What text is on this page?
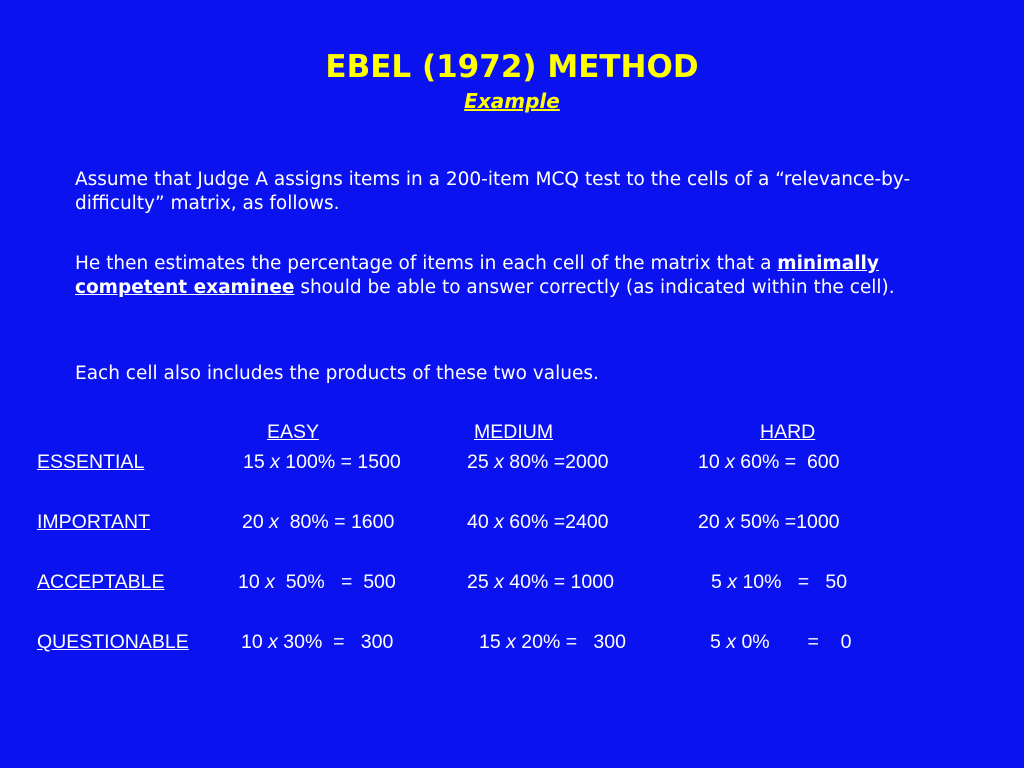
EBEL (1972) METHOD
Example
Assume that Judge A assigns items in a 200-item MCQ test to the cells of a “relevance-by-difficulty” matrix, as follows.
He then estimates the percentage of items in each cell of the matrix that a minimally competent examinee should be able to answer correctly (as indicated within the cell).
Each cell also includes the products of these two values.
EASY	MEDIUM	HARD
ESSENTIAL	15 x 100% = 1500	25 x 80% =2000	10 x 60% =  600
IMPORTANT	20 x  80% = 1600	40 x 60% =2400	20 x 50% =1000
ACCEPTABLE	10 x  50%   =  500	25 x 40% = 1000	5 x 10%   =   50
QUESTIONABLE	10 x 30%  =   300	15 x 20% =   300	5 x 0%       =    0
